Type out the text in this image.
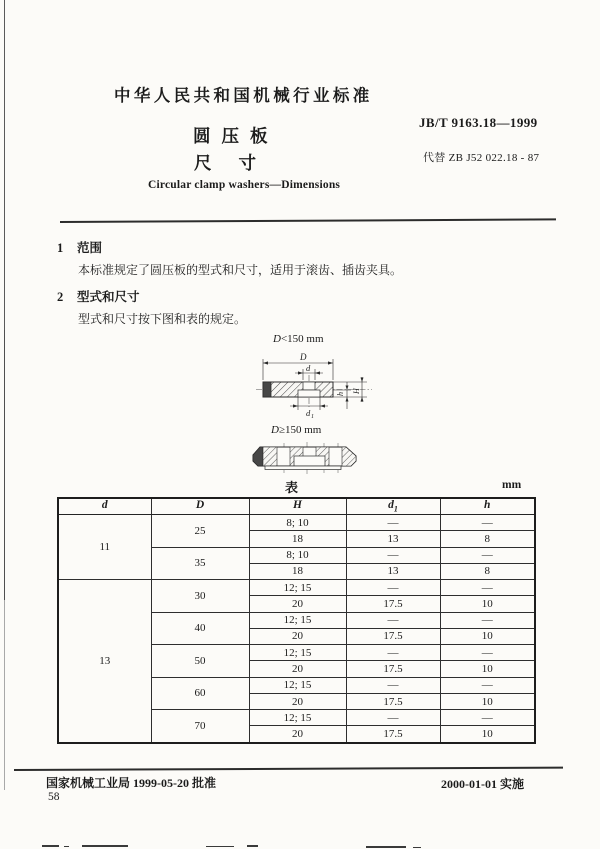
中华人民共和国机械行业标准
JB/T 9163.18—1999
代替 ZB J52 022.18 - 87
圆压板
尺寸
Circular clamp washers—Dimensions
1 范围
本标准规定了圆压板的型式和尺寸，适用于滚齿、插齿夹具。
2 型式和尺寸
型式和尺寸按下图和表的规定。
D<150 mm
D
d
d 1
h H
D≥150 mm
表	mm
d	D	H	$d_1$	h
11	25	8; 10	—	—
		18	13	8
	35	8; 10	—	—
		18	13	8
13	30	12; 15	—	—
		20	17.5	10
	40	12; 15	—	—
		20	17.5	10
	50	12; 15	—	—
		20	17.5	10
	60	12; 15	—	—
		20	17.5	10
	70	12; 15	—	—
		20	17.5	10
国家机械工业局 1999-05-20 批准
58
2000-01-01 实施
